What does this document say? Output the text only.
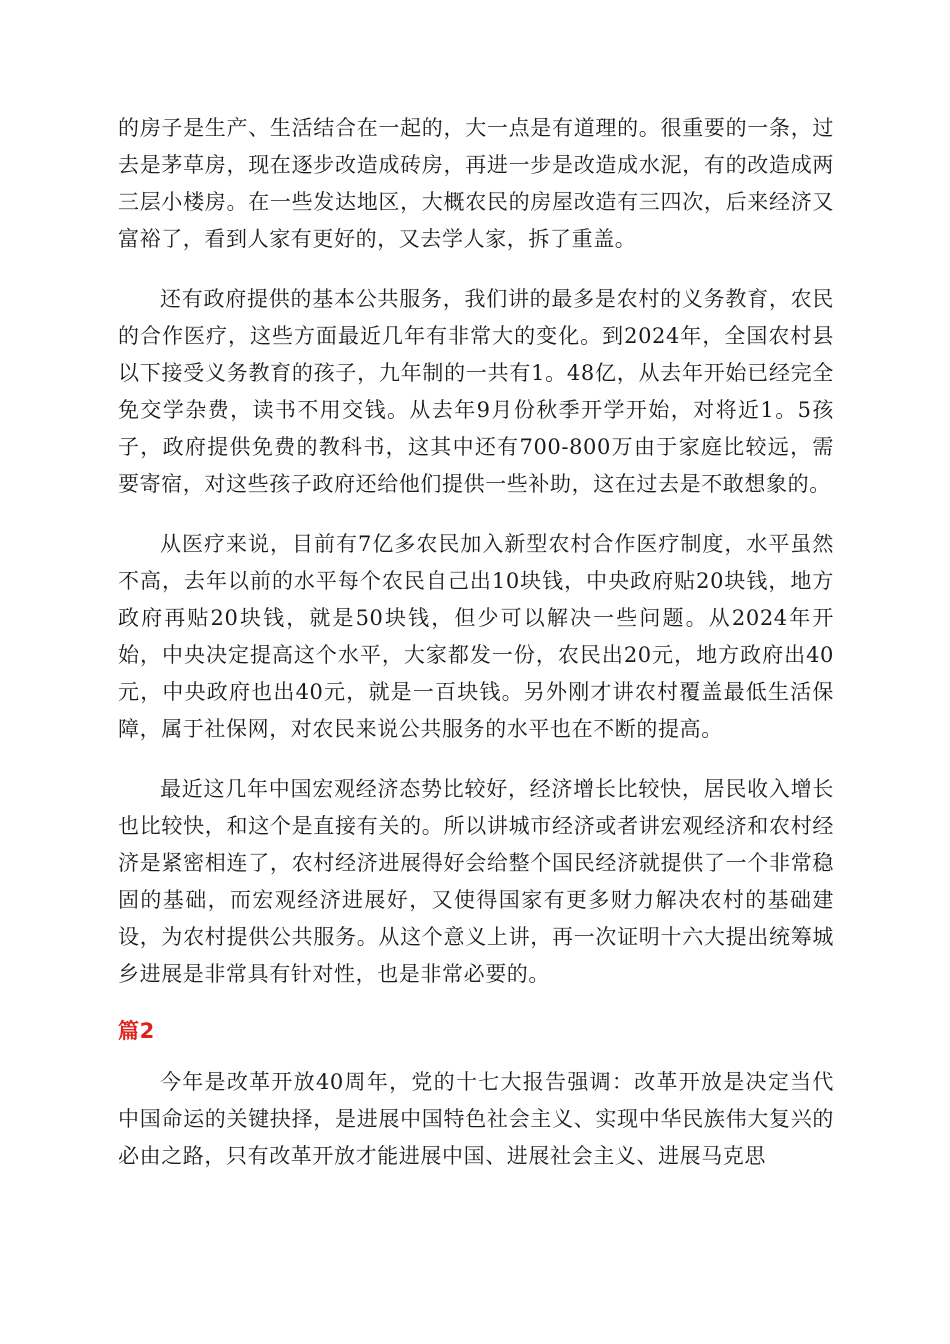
的房子是生产、生活结合在一起的，大一点是有道理的。很重要的一条，过去是茅草房，现在逐步改造成砖房，再进一步是改造成水泥，有的改造成两三层小楼房。在一些发达地区，大概农民的房屋改造有三四次，后来经济又富裕了，看到人家有更好的，又去学人家，拆了重盖。

还有政府提供的基本公共服务，我们讲的最多是农村的义务教育，农民的合作医疗，这些方面最近几年有非常大的变化。到2024年，全国农村县以下接受义务教育的孩子，九年制的一共有1。48亿，从去年开始已经完全免交学杂费，读书不用交钱。从去年9月份秋季开学开始，对将近1。5孩子，政府提供免费的教科书，这其中还有700-800万由于家庭比较远，需要寄宿，对这些孩子政府还给他们提供一些补助，这在过去是不敢想象的。

从医疗来说，目前有7亿多农民加入新型农村合作医疗制度，水平虽然不高，去年以前的水平每个农民自己出10块钱，中央政府贴20块钱，地方政府再贴20块钱，就是50块钱，但少可以解决一些问题。从2024年开始，中央决定提高这个水平，大家都发一份，农民出20元，地方政府出40元，中央政府也出40元，就是一百块钱。另外刚才讲农村覆盖最低生活保障，属于社保网，对农民来说公共服务的水平也在不断的提高。

最近这几年中国宏观经济态势比较好，经济增长比较快，居民收入增长也比较快，和这个是直接有关的。所以讲城市经济或者讲宏观经济和农村经济是紧密相连了，农村经济进展得好会给整个国民经济就提供了一个非常稳固的基础，而宏观经济进展好，又使得国家有更多财力解决农村的基础建设，为农村提供公共服务。从这个意义上讲，再一次证明十六大提出统筹城乡进展是非常具有针对性，也是非常必要的。

篇2

今年是改革开放40周年，党的十七大报告强调：改革开放是决定当代中国命运的关键抉择，是进展中国特色社会主义、实现中华民族伟大复兴的必由之路，只有改革开放才能进展中国、进展社会主义、进展马克思
